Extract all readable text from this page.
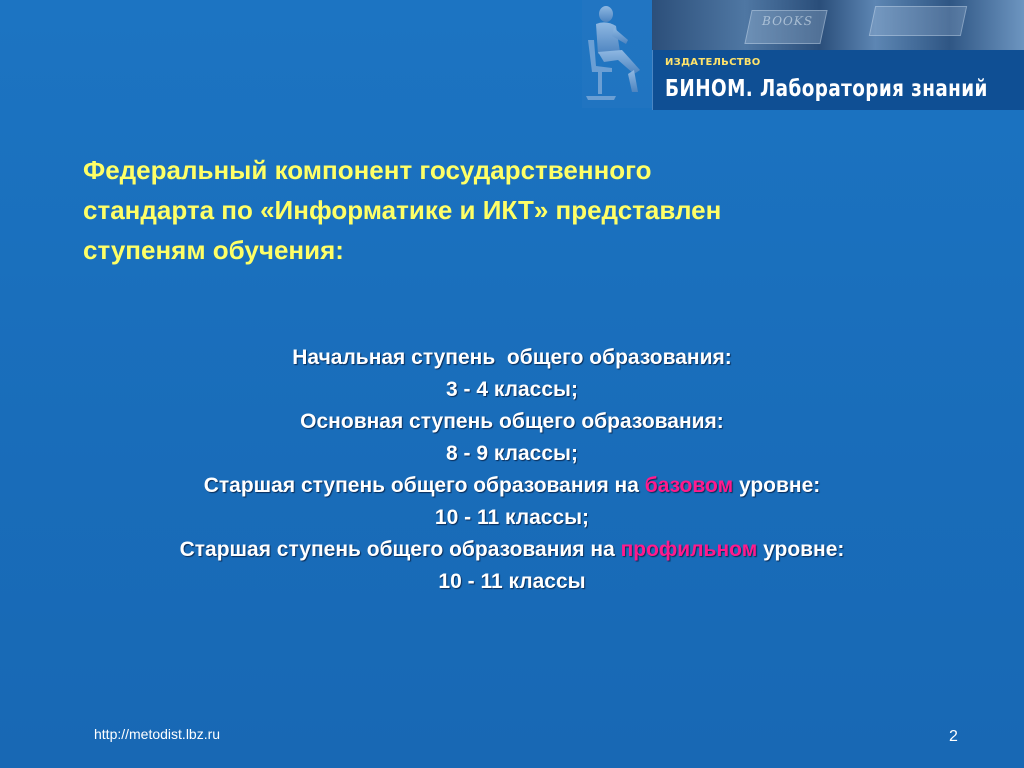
BOOKS
ИЗДАТЕЛЬСТВО
БИНОМ. Лаборатория знаний
Федеральный компонент государственного
стандарта по «Информатике и ИКТ» представлен
ступеням обучения:
Начальная ступень  общего образования:
3 - 4 классы;
Основная ступень общего образования:
8 - 9 классы;
Старшая ступень общего образования на базовом уровне:
10 - 11 классы;
Старшая ступень общего образования на профильном уровне:
10 - 11 классы
http://metodist.lbz.ru	2
